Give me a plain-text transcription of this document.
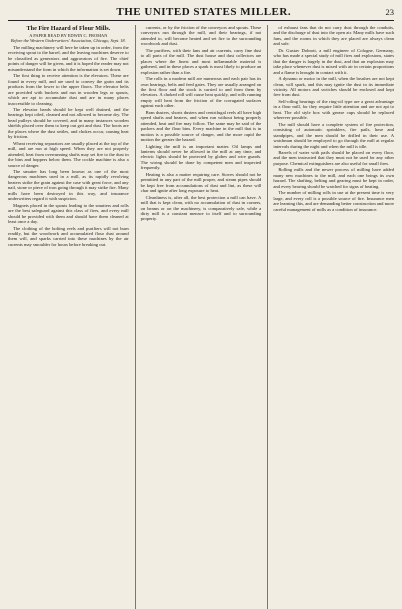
THE UNITED STATES MILLER.	23
The Fire Hazard of Flour Mills.
A PAPER READ BY EDWIN C. FROMAN
Before the Western Underwriters' Association, Chicago, Sept. 18.

The milling machinery will here be taken up in order, from the receiving spout to the barrel, and the leaving machines deserve to be classified as generators and aggravators of fire. The chief points of danger will be given, and it is hoped the reader may not misunderstand the form in which the information is set down.

The first thing to receive attention is the elevators. These are found in every mill, and are used to convey the grain and its products from the lower to the upper floors. The elevator belts are provided with buckets and run in wooden legs or spouts, which are apt to accumulate dust and are in many places inaccessible to cleaning.

The elevator heads should be kept well drained, and the bearings kept oiled, cleaned and not allowed to become dry. The head pulleys should be covered, and in many instances wooden shields placed over them to keep out grit and dust. The boots are the places where the dust settles, and chokes occur, causing heat by friction.

Wheat receiving separators are usually placed at the top of the mill, and are run at high speed. When they are not properly attended, heat from overrunning shafts may set fire to the dust in the bins and hoppers below them. The cockle machine is also a source of danger.

The smutter has long been known as one of the most dangerous machines used in a mill, as its rapidly revolving beaters strike the grain against the case with great force, and any nail, stone or piece of iron going through it may strike fire. Many mills have been destroyed in this way, and insurance underwriters regard it with suspicion.

Magnets placed in the spouts leading to the smutters and rolls are the best safeguard against this class of fires, and every mill should be provided with them and should have them cleaned at least once a day.

The clothing of the bolting reels and purifiers will not burn readily, but the woodwork and accumulated flour dust around them will, and sparks carried into these machines by the air currents may smoulder for hours before breaking out.

currents, or by the friction of the conveyors and spouts. These conveyors run through the mill, and their bearings, if not attended to, will become heated and set fire to the surrounding woodwork and dust.

The purifiers, with their fans and air currents, carry fine dust to all parts of the mill. The dust house and dust collectors are places where the finest and most inflammable material is gathered, and in these places a spark is most likely to produce an explosion rather than a fire.

The rolls in a modern mill are numerous and each pair has its own bearings, belts and feed gates. They are usually arranged on the first floor and the stock is carried to and from them by elevators. A choked roll will cause heat quickly, and rolls running empty will heat from the friction of the corrugated surfaces against each other.

Bran dusters, shorts dusters and centrifugal reels all have high speed shafts and beaters, and when run without being properly attended, heat and fire may follow. The same may be said of the packers and the flour bins. Every machine in the mill that is in motion is a possible source of danger, and the more rapid the motion the greater the hazard.

Lighting the mill is an important matter. Oil lamps and lanterns should never be allowed in the mill at any time, and electric lights should be protected by globes and wire guards. The wiring should be done by competent men and inspected frequently.

Heating is also a matter requiring care. Stoves should not be permitted in any part of the mill proper, and steam pipes should be kept free from accumulations of dust and lint, as these will char and ignite after long exposure to heat.

Cleanliness is, after all, the best protection a mill can have. A mill that is kept clean, with no accumulation of dust in corners, on beams or on the machinery, is comparatively safe, while a dirty mill is a constant menace to itself and to surrounding property.

of exhaust fans that do not carry dust through the conduits, and the discharge of dust into the open air. Many mills have such fans, and the rooms in which they are placed are always clean and safe.

Dr. Gustav Dobrott, a mill engineer of Cologne, Germany, who has made a special study of mill fires and explosions, states that the danger is largely in the dust, and that an explosion may take place whenever dust is mixed with air in certain proportions and a flame is brought in contact with it.

A dynamo or motor in the mill, when the brushes are not kept clean, will spark, and this may ignite the dust in its immediate vicinity. All motors and switches should be enclosed and kept free from dust.

Self-oiling bearings of the ring-oil type are a great advantage in a flour mill, for they require little attention and are not apt to heat. The old style box with grease cups should be replaced wherever possible.

The mill should have a complete system of fire protection, consisting of automatic sprinklers, fire pails, hose and standpipes, and the men should be drilled in their use. A watchman should be employed to go through the mill at regular intervals during the night and when the mill is idle.

Barrels of water with pails should be placed on every floor, and the men instructed that they must not be used for any other purpose. Chemical extinguishers are also useful for small fires.

Rolling mills and the newer process of milling have added many new machines to the mill, and each one brings its own hazard. The shafting, belting and gearing must be kept in order, and every bearing should be watched for signs of heating.

The number of milling rolls in use at the present time is very large, and every roll is a possible source of fire. Insurance men are learning this, and are demanding better construction and more careful management of mills as a condition of insurance.
